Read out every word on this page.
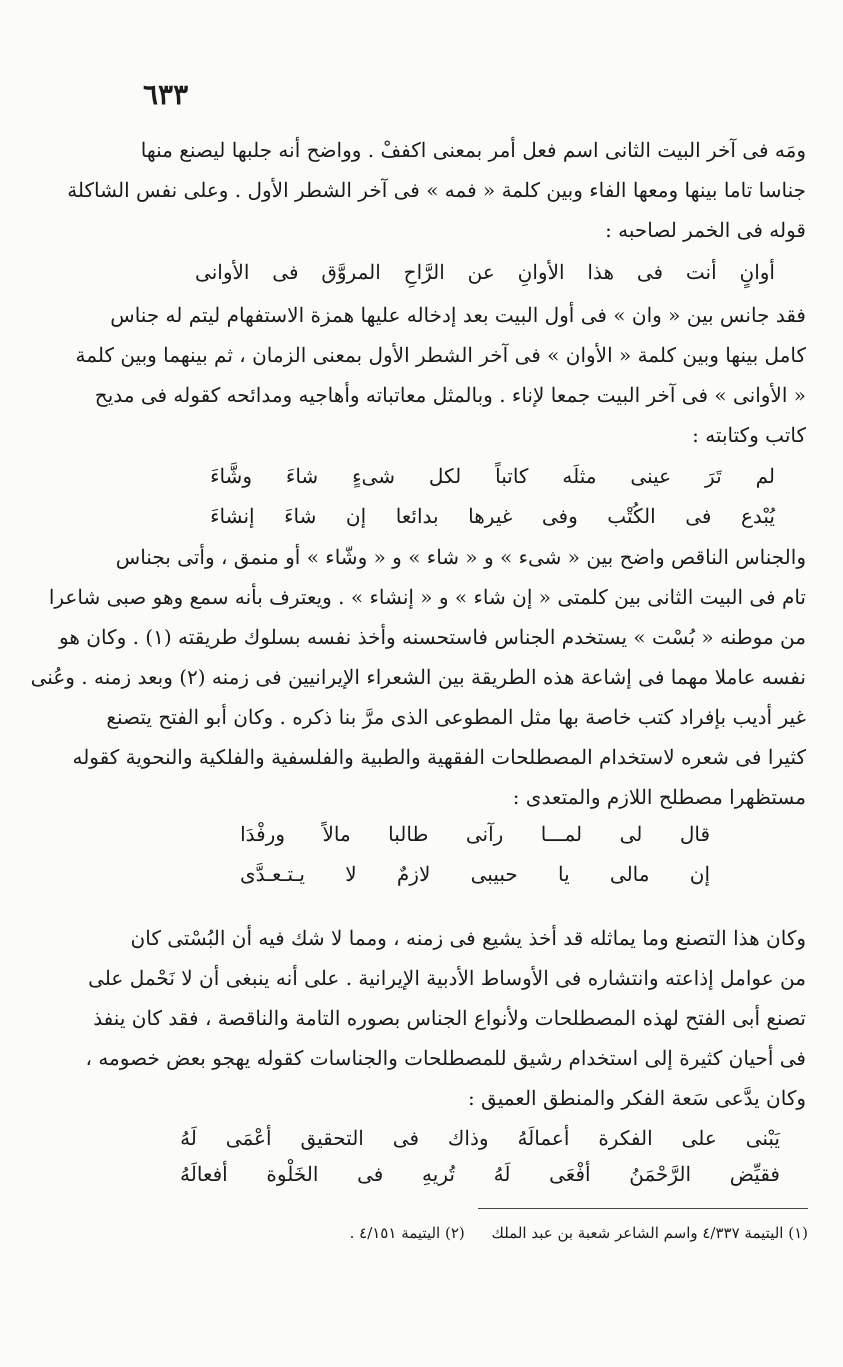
٦٣٣

ومَه فى آخر البيت الثانى اسم فعل أمر بمعنى اكففْ . وواضح أنه جلبها ليصنع منها

جناسا تاما بينها ومعها الفاء وبين كلمة « فمه » فى آخر الشطر الأول . وعلى نفس الشاكلة

قوله فى الخمر لصاحبه :

أوانٍ
أنت
فى
هذا
الأوانِ
عن
الرَّاحِ
المروَّق
فى
الأوانى

فقد جانس بين « وان » فى أول البيت بعد إدخاله عليها همزة الاستفهام ليتم له جناس

كامل بينها وبين كلمة « الأوان » فى آخر الشطر الأول بمعنى الزمان ، ثم بينهما وبين كلمة

« الأوانى » فى آخر البيت جمعا لإناء . وبالمثل معاتباته وأهاجيه ومدائحه كقوله فى مديح

كاتب وكتابته :

لم
تَرَ
عينى
مثلَه
كاتباً
لكل
شىءٍ
شاءَ
وشَّاءَ
يُبْدع
فى
الكُتْب
وفى
غيرها
بدائعا
إن
شاءَ
إنشاءَ

والجناس الناقص واضح بين « شىء » و « شاء » و « وشّاء » أو منمق ، وأتى بجناس

تام فى البيت الثانى بين كلمتى « إن شاء » و « إنشاء » . ويعترف بأنه سمع وهو صبى شاعرا

من موطنه « بُسْت » يستخدم الجناس فاستحسنه وأخذ نفسه بسلوك طريقته (١) . وكان هو

نفسه عاملا مهما فى إشاعة هذه الطريقة بين الشعراء الإيرانيين فى زمنه (٢) وبعد زمنه . وعُنى

غير أديب بإفراد كتب خاصة بها مثل المطوعى الذى مرَّ بنا ذكره . وكان أبو الفتح يتصنع

كثيرا فى شعره لاستخدام المصطلحات الفقهية والطبية والفلسفية والفلكية والنحوية كقوله

مستظهرا مصطلح اللازم والمتعدى :

قال
لى
لمـــا
رآنى
طالبا
مالاً
ورفْدَا
إن
مالى
يا
حبيبى
لازمٌ
لا
يـتـعـدَّى

وكان هذا التصنع وما يماثله قد أخذ يشيع فى زمنه ، ومما لا شك فيه أن البُسْتى كان

من عوامل إذاعته وانتشاره فى الأوساط الأدبية الإيرانية . على أنه ينبغى أن لا نَحْمل على

تصنع أبى الفتح لهذه المصطلحات ولأنواع الجناس بصوره التامة والناقصة ، فقد كان ينفذ

فى أحيان كثيرة إلى استخدام رشيق للمصطلحات والجناسات كقوله يهجو بعض خصومه ،

وكان يدَّعى سَعة الفكر والمنطق العميق :

يَبْنى
على
الفكرة
أعمالَهُ
وذاك
فى
التحقيق
أعْمَى
لَهُ
فقيِّض
الرَّحْمَنُ
أفْعَى
لَهُ
تُريهِ
فى
الخَلْوة
أفعالَهُ
(١) اليتيمة ٤/٣٣٧ واسم الشاعر شعبة بن عبد الملك (٢) اليتيمة ٤/١٥١ .
